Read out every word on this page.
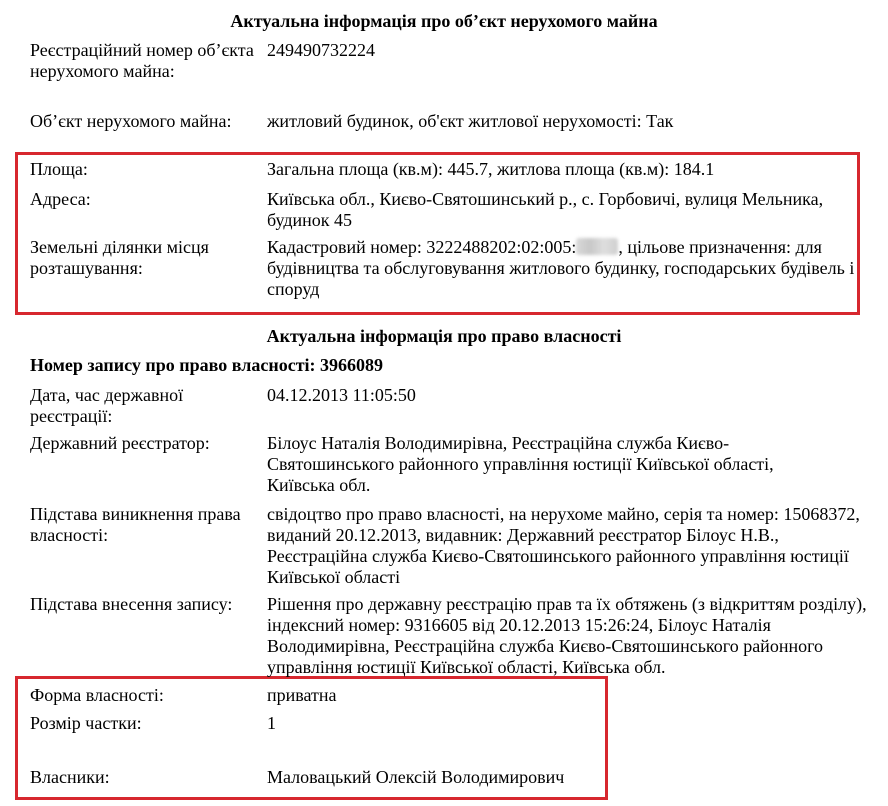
Актуальна інформація про об’єкт нерухомого майна
Реєстраційний номер об’єкта нерухомого майна:
249490732224
Об’єкт нерухомого майна:	житловий будинок, об'єкт житлової нерухомості: Так
Площа:	Загальна площа (кв.м): 445.7, житлова площа (кв.м): 184.1
Адреса:	Київська обл., Києво-Святошинський р., с. Горбовичі, вулиця Мельника, будинок 45
Земельні ділянки місця розташування:
Кадастровий номер: 3222488202:02:005: , цільове призначення: для будівництва та обслуговування житлового будинку, господарських будівель і споруд
Актуальна інформація про право власності
Номер запису про право власності: 3966089
Дата, час державної реєстрації:
04.12.2013 11:05:50
Державний реєстратор:	Білоус Наталія Володимирівна, Реєстраційна служба Києво-Святошинського районного управління юстиції Київської області, Київська обл.
Підстава виникнення права власності:
свідоцтво про право власності, на нерухоме майно, серія та номер: 15068372, виданий 20.12.2013, видавник: Державний реєстратор Білоус Н.В., Реєстраційна служба Києво-Святошинського районного управління юстиції Київської області
Підстава внесення запису:	Рішення про державну реєстрацію прав та їх обтяжень (з відкриттям розділу), індексний номер: 9316605 від 20.12.2013 15:26:24, Білоус Наталія Володимирівна, Реєстраційна служба Києво-Святошинського районного управління юстиції Київської області, Київська обл.
Форма власності:	приватна
Розмір частки:	1
Власники:	Маловацький Олексій Володимирович
